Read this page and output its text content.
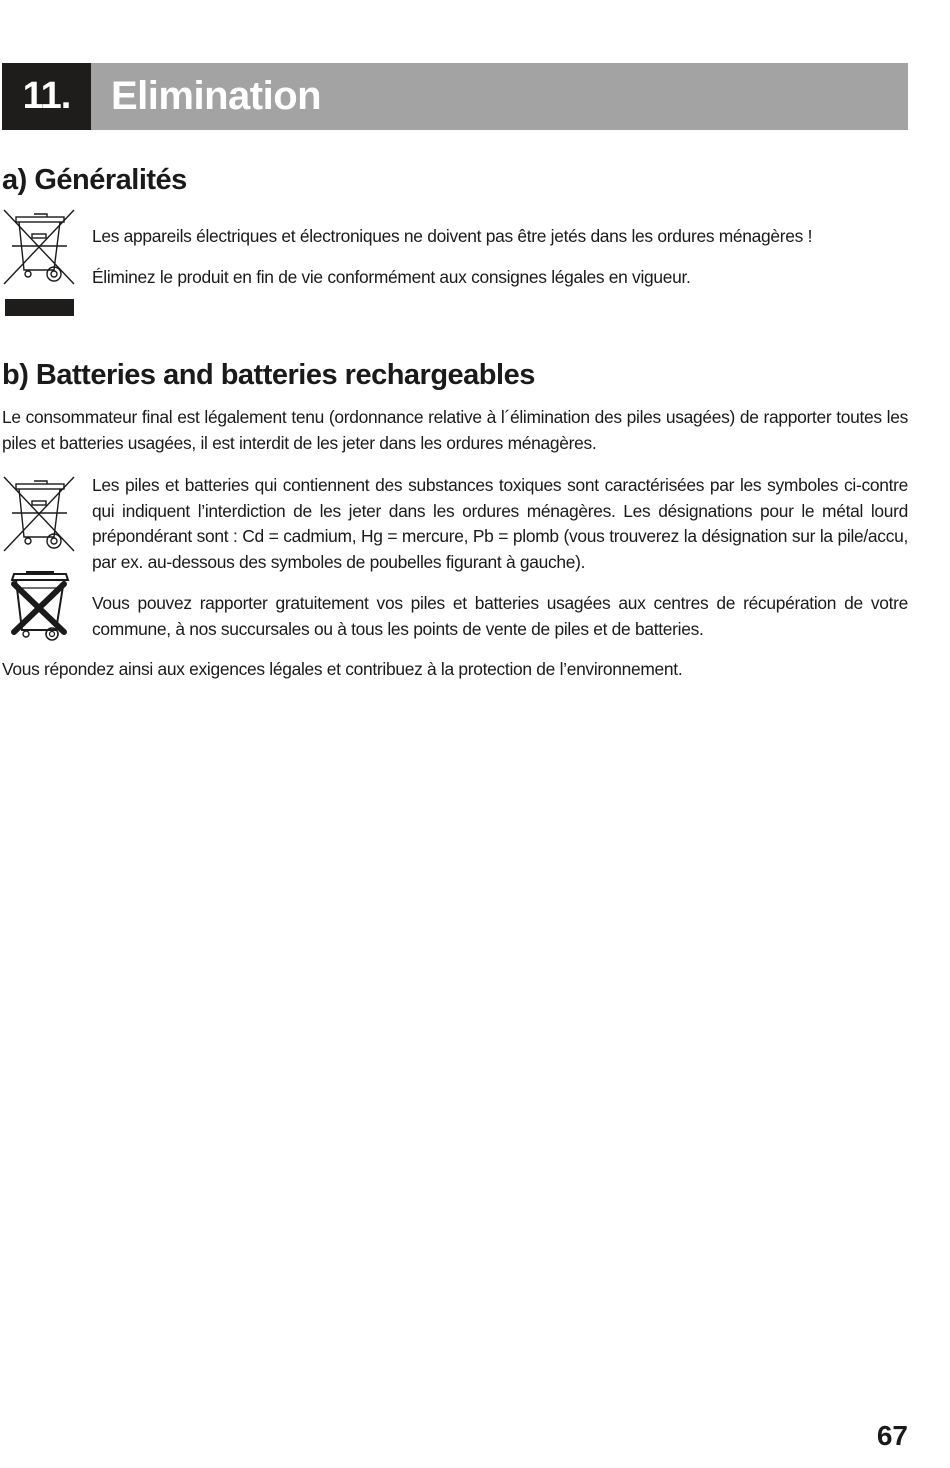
11.	Elimination
a) Généralités

Les appareils électriques et électroniques ne doivent pas être jetés dans les ordures ménagères !

Éliminez le produit en fin de vie conformément aux consignes légales en vigueur.

b) Batteries and batteries rechargeables

Le consommateur final est légalement tenu (ordonnance relative à l´élimination des piles usagées) de rapporter toutes les piles et batteries usagées, il est interdit de les jeter dans les ordures ménagères.

Les piles et batteries qui contiennent des substances toxiques sont caractérisées par les symboles ci-contre qui indiquent l’interdiction de les jeter dans les ordures ménagères. Les désignations pour le métal lourd prépondérant sont : Cd = cadmium, Hg = mercure, Pb = plomb (vous trouverez la désignation sur la pile/accu, par ex. au-dessous des symboles de poubelles figurant à gauche).

Vous pouvez rapporter gratuitement vos piles et batteries usagées aux centres de récupération de votre commune, à nos succursales ou à tous les points de vente de piles et de batteries.

Vous répondez ainsi aux exigences légales et contribuez à la protection de l’environnement.

67
